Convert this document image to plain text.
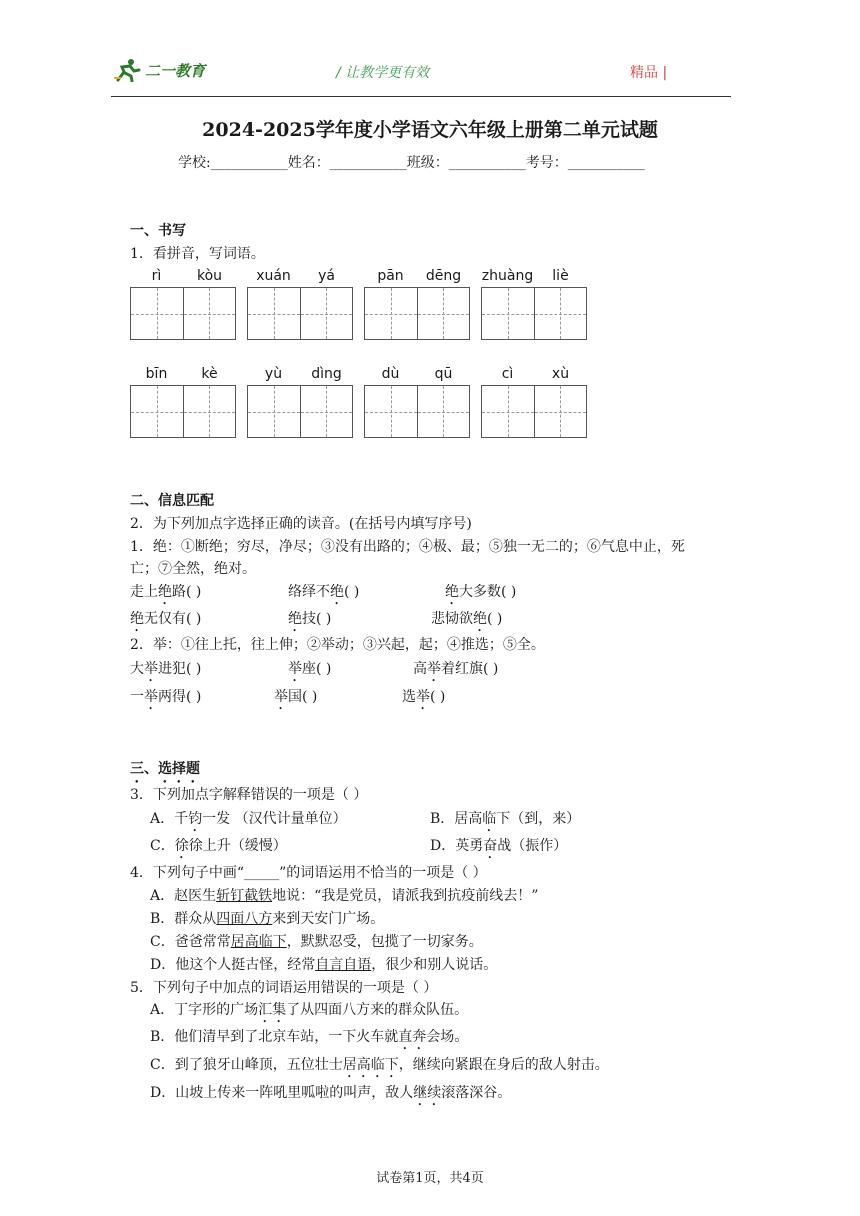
二一教育	/ 让教学更有效	精品 |
2024-2025学年度小学语文六年级上册第二单元试题
学校:___________姓名：___________班级：___________考号：___________
一、书写
1．看拼音，写词语。
rì	kòu	xuán	yá	pān	dēng	zhuàng	liè
bīn	kè	yù	dìng	dù	qū	cì	xù
二、信息匹配
2．为下列加点字选择正确的读音。(在括号内填写序号)
1．绝：①断绝；穷尽，净尽；③没有出路的；④极、最；⑤独一无二的；⑥气息中止，死
亡；⑦全然，绝对。
走上绝路( )	络绎不绝( )	绝大多数( )
绝无仅有( )	绝技( )	悲恸欲绝( )
2．举：①往上托，往上伸；②举动；③兴起，起；④推选；⑤全。
大举进犯( )	举座( )	高举着红旗( )
一举两得( )	举国( )	选举( )
三、选择题
3．下列加点字解释错误的一项是（ ）
A．千钧一发 （汉代计量单位）	B．居高临下（到，来）
C．徐徐上升（缓慢）	D．英勇奋战（振作）
4．下列句子中画“_____”的词语运用不恰当的一项是（ ）
A．赵医生斩钉截铁地说：“我是党员，请派我到抗疫前线去！”
B．群众从四面八方来到天安门广场。
C．爸爸常常居高临下，默默忍受，包揽了一切家务。
D．他这个人挺古怪，经常自言自语，很少和别人说话。
5．下列句子中加点的词语运用错误的一项是（ ）
A．丁字形的广场汇集了从四面八方来的群众队伍。
B．他们清早到了北京车站，一下火车就直奔会场。
C．到了狼牙山峰顶，五位壮士居高临下，继续向紧跟在身后的敌人射击。
D．山坡上传来一阵吼里呱啦的叫声，敌人继续滚落深谷。
试卷第1页，共4页
